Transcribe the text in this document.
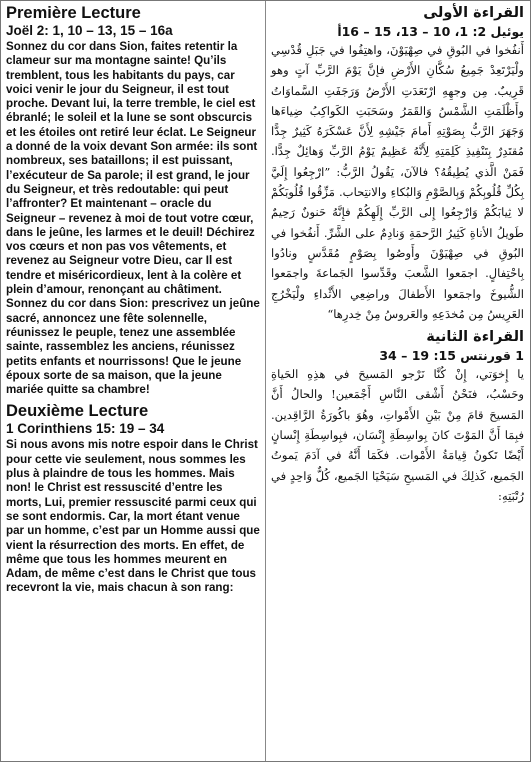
Première Lecture
Joël 2: 1, 10 – 13, 15 – 16a

Sonnez du cor dans Sion, faites retentir la clameur sur ma montagne sainte! Qu’ils tremblent, tous les habitants du pays, car voici venir le jour du Seigneur, il est tout proche. Devant lui, la terre tremble, le ciel est ébranlé; le soleil et la lune se sont obscurcis et les étoiles ont retiré leur éclat. Le Seigneur a donné de la voix devant Son armée: ils sont nombreux, ses bataillons; il est puissant, l’exécuteur de Sa parole; il est grand, le jour du Seigneur, et très redoutable: qui peut l’affronter? Et maintenant – oracle du Seigneur – revenez à moi de tout votre cœur, dans le jeûne, les larmes et le deuil! Déchirez vos cœurs et non pas vos vêtements, et revenez au Seigneur votre Dieu, car Il est tendre et miséricordieux, lent à la colère et plein d’amour, renonçant au châtiment. Sonnez du cor dans Sion: prescrivez un jeûne sacré, annoncez une fête solennelle, réunissez le peuple, tenez une assemblée sainte, rassemblez les anciens, réunissez petits enfants et nourrissons! Que le jeune époux sorte de sa maison, que la jeune mariée quitte sa chambre!

Deuxième Lecture
1 Corinthiens 15: 19 – 34

Si nous avons mis notre espoir dans le Christ pour cette vie seulement, nous sommes les plus à plaindre de tous les hommes. Mais non! le Christ est ressuscité d’entre les morts, Lui, premier ressuscité parmi ceux qui se sont endormis. Car, la mort étant venue par un homme, c’est par un Homme aussi que vient la résurrection des morts. En effet, de même que tous les hommes meurent en Adam, de même c’est dans le Christ que tous recevront la vie, mais chacun à son rang:

القراءة الأولى
يوئيل 2: 1، 10 – 13، 15 – 16أ

أَنفُخوا في البُوقِ في صِهْيَوْنَ، واهتِفُوا في جَبَلِ قُدْسِي ولْيَرْتَعِدْ جَمِيعُ سُكَّانِ الأَرْضِ فإنَّ يَوْمَ الرَّبِّ آتٍ وهو قَرِيبٌ. مِن وجهِهِ ارْتَعَدَتِ الأَرْضُ وَرَجَفَتِ السَّماوَاتُ وأَظْلَمَتِ الشَّمْسُ وَالقَمَرُ وسَحَبَتِ الكَواكِبُ ضِياءَها وَجَهَرَ الرَّبُّ بِصَوْتِهِ أَمامَ جَيْشِهِ لِأَنَّ عَسْكَرَهُ كَثِيرٌ جِدًّا مُقتَدِرٌ بِتَنْفِيذِ كَلِمَتِهِ لِأَنَّهُ عَظِيمٌ يَوْمُ الرَّبِّ وَهائِلٌ جِدًّا. فَمَنْ الَّذي يُطِيقُهُ؟ فالآنَ، يَقُولُ الرَّبُّ: ”ارْجِعُوا إِلَيَّ بِكُلِّ قُلُوبِكُمْ وَبِالصَّوْمِ وَالبُكاءِ والانتِحاب. مَزِّقُوا قُلُوبَكُمْ لا ثِيابَكُمْ وَارْجِعُوا إِلى الرَّبِّ إِلَهِكُمْ فإِنَّهُ حَنونٌ رَحِيمٌ طَويلُ الأناةِ كَثِيرُ الرَّحمَةِ وَنادِمٌ على الشَّرِّ. أَنفُخوا في البُوقِ في صِهْيَوْنَ وأَوصُوا بِصَوْمٍ مُقَدَّسٍ ونادُوا بِاحْتِفالٍ. اجمَعوا الشَّعبَ وقَدِّسوا الجَماعةَ واجمَعوا الشُّيوخَ واجمَعوا الأَطفالَ وراضِعِي الأَثْداءِ ولْيَخْرُجِ العَرِيسُ مِن مُخدَعِهِ والعَروسُ مِنْ خِدرِها“

القراءة الثانية
1 قورنتس 15: 19 – 34

يا إِخوَتي، إِنْ كُنَّا نَرْجو المَسيحَ في هذِهِ الحَياةِ وحَسْبُ، فنَحْنُ أَشْقى النَّاسِ أَجْمَعين! والحالُ أَنَّ المَسيحَ قامَ مِنْ بَيْنِ الأَمْواتِ، وهُوَ باكُورَةُ الرَّاقِدين. فبِمَا أَنَّ المَوْتَ كانَ بِواسِطَةِ إِنْسَان، فبِواسِطَةِ إِنْسانٍ أَيْضًا تَكونُ قِيامَةُ الأَمْوات. فكَمَا أَنَّهُ في آدَمَ يَموتُ الجَميع، كَذلِكَ في المَسيحِ سَيَحْيَا الجَميع، كُلٌّ وَاحِدٍ في رُتْبَتِهِ:
